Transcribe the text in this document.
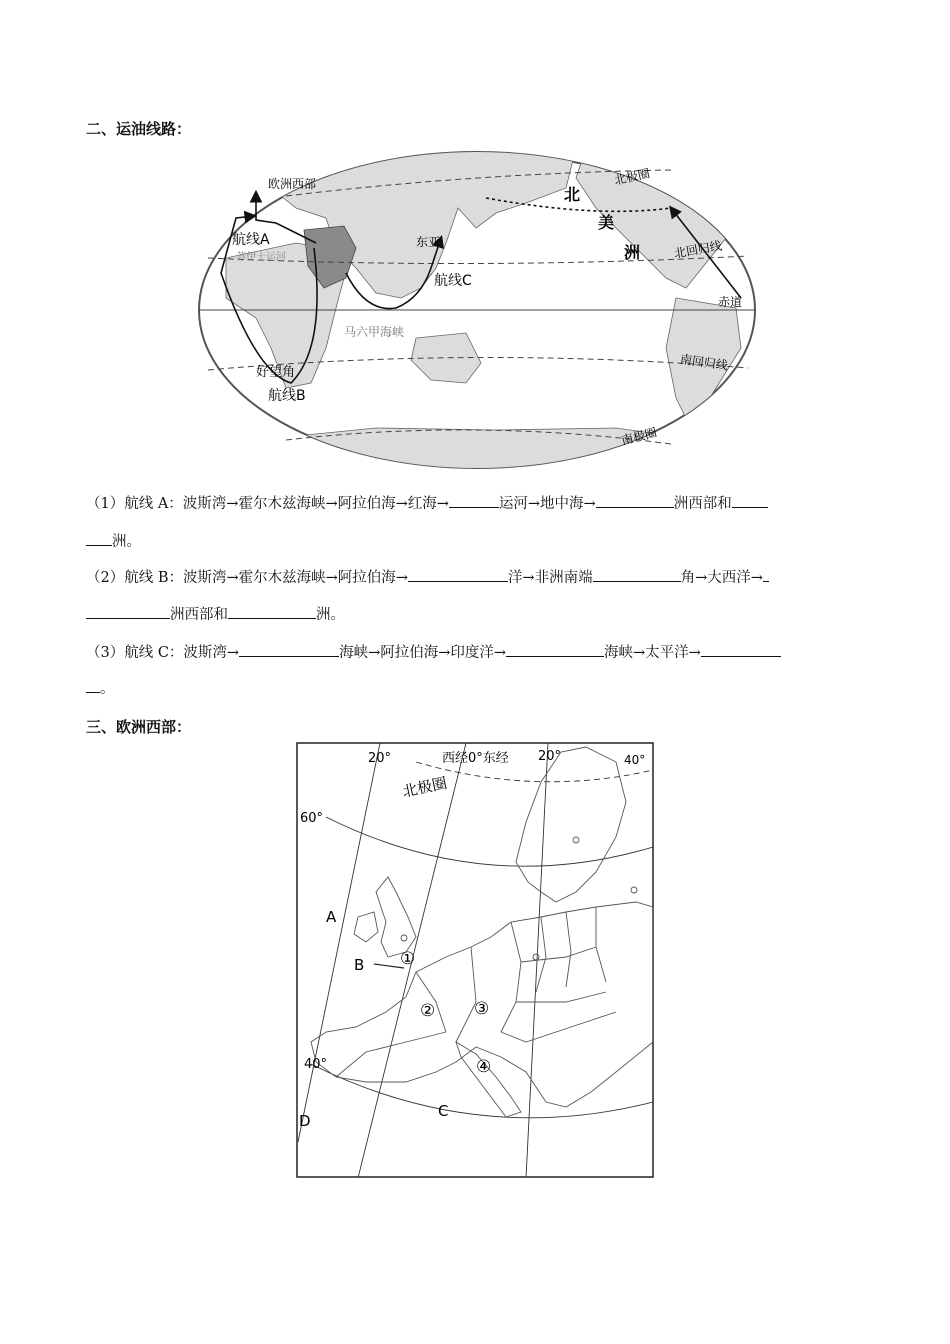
二、运油线路：
欧洲西部
航线A
苏伊士运河
东亚
航线C
马六甲海峡
好望角
航线B
北
美
洲
北极圈
北回归线
赤道
南回归线
南极圈
（1）航线 A：波斯湾→霍尔木兹海峡→阿拉伯海→红海→	运河→地中海→	洲西部和
洲。
（2）航线 B：波斯湾→霍尔木兹海峡→阿拉伯海→	洋→非洲南端	角→大西洋→
洲西部和	洲。
（3）航线 C：波斯湾→	海峡→阿拉伯海→印度洋→	海峡→太平洋→
。
三、欧洲西部：
20°	西经0°东经 20°	40°
北极圈
60°
40°
A
B
C
D
①
② ③
④
